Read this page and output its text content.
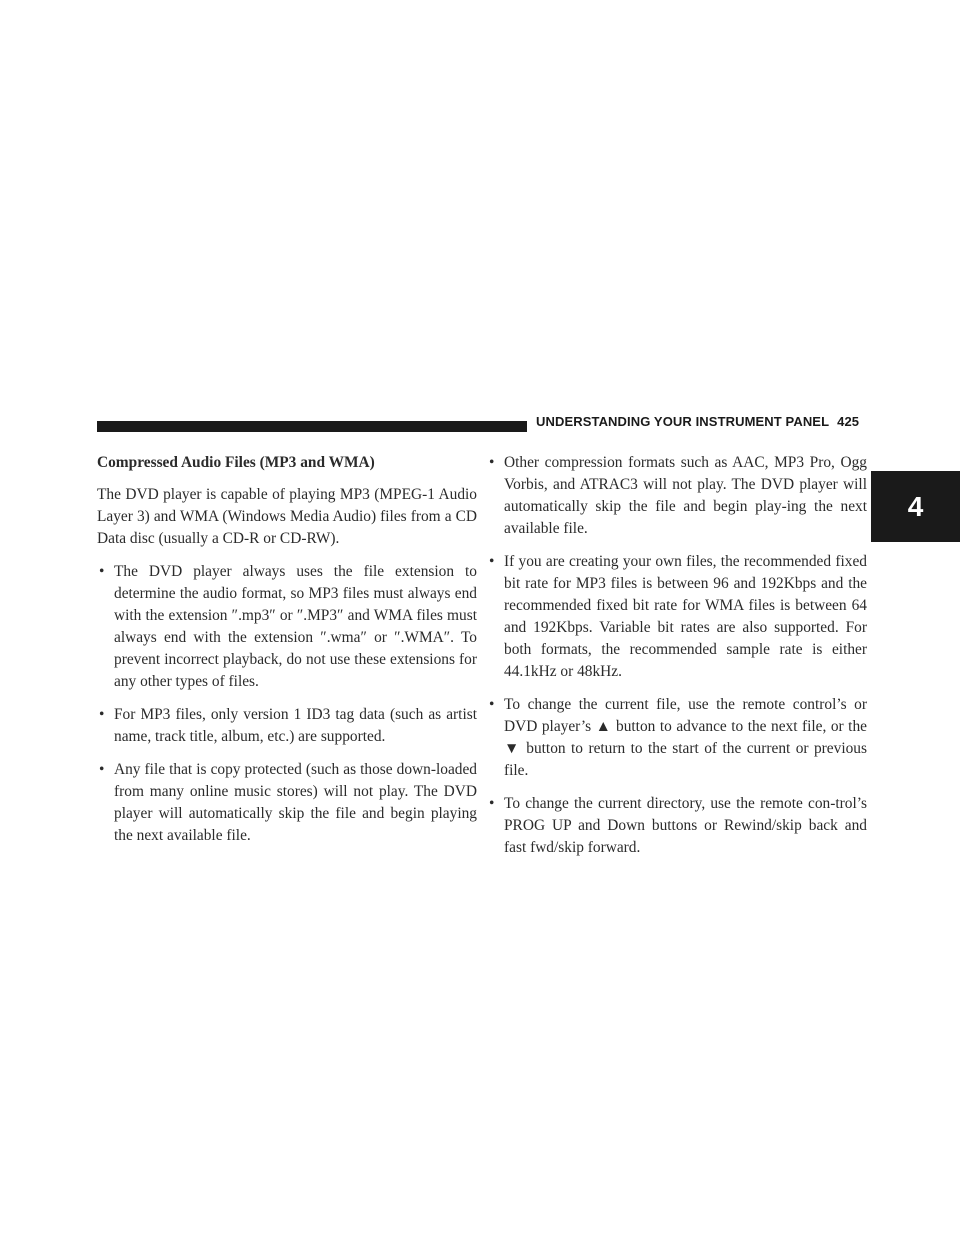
UNDERSTANDING YOUR INSTRUMENT PANEL 425
4

Compressed Audio Files (MP3 and WMA)

The DVD player is capable of playing MP3 (MPEG-1 Audio Layer 3) and WMA (Windows Media Audio) files from a CD Data disc (usually a CD-R or CD-RW).

• The DVD player always uses the file extension to determine the audio format, so MP3 files must always end with the extension ″.mp3″ or ″.MP3″ and WMA files must always end with the extension ″.wma″ or ″.WMA″. To prevent incorrect playback, do not use these extensions for any other types of files.
• For MP3 files, only version 1 ID3 tag data (such as artist name, track title, album, etc.) are supported.
• Any file that is copy protected (such as those down-loaded from many online music stores) will not play. The DVD player will automatically skip the file and begin playing the next available file.
• Other compression formats such as AAC, MP3 Pro, Ogg Vorbis, and ATRAC3 will not play. The DVD player will automatically skip the file and begin play-ing the next available file.
• If you are creating your own files, the recommended fixed bit rate for MP3 files is between 96 and 192Kbps and the recommended fixed bit rate for WMA files is between 64 and 192Kbps. Variable bit rates are also supported. For both formats, the recommended sample rate is either 44.1kHz or 48kHz.
• To change the current file, use the remote control’s or DVD player’s ▲ button to advance to the next file, or the ▼ button to return to the start of the current or previous file.
• To change the current directory, use the remote con-trol’s PROG UP and Down buttons or Rewind/skip back and fast fwd/skip forward.
